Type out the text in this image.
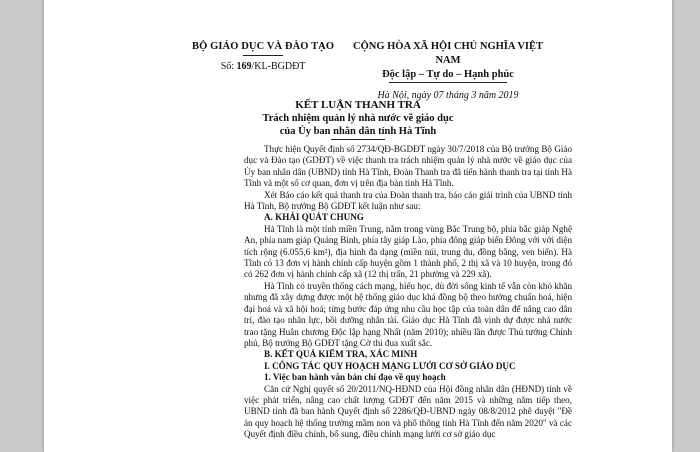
BỘ GIÁO DỤC VÀ ĐÀO TẠO
Số: 169/KL-BGDĐT
CỘNG HÒA XÃ HỘI CHỦ NGHĨA VIỆT NAM
Độc lập – Tự do – Hạnh phúc
Hà Nội, ngày 07 tháng 3 năm 2019
KẾT LUẬN THANH TRA
Trách nhiệm quản lý nhà nước về giáo dục
của Ủy ban nhân dân tỉnh Hà Tĩnh

Thực hiện Quyết định số 2734/QĐ-BGDĐT ngày 30/7/2018 của Bộ trưởng Bộ Giáo dục và Đào tạo (GDĐT) về việc thanh tra trách nhiệm quản lý nhà nước về giáo dục của Ủy ban nhân dân (UBND) tỉnh Hà Tĩnh, Đoàn Thanh tra đã tiến hành thanh tra tại tỉnh Hà Tĩnh và một số cơ quan, đơn vị trên địa bàn tỉnh Hà Tĩnh.

Xét Báo cáo kết quả thanh tra của Đoàn thanh tra, báo cáo giải trình của UBND tỉnh Hà Tĩnh, Bộ trưởng Bộ GDĐT kết luận như sau:

A. KHÁI QUÁT CHUNG

Hà Tĩnh là một tỉnh miền Trung, nằm trong vùng Bắc Trung bộ, phía bắc giáp Nghệ An, phía nam giáp Quảng Bình, phía tây giáp Lào, phía đông giáp biển Đông với với diện tích rộng (6.055,6 km²), địa hình đa dạng (miền núi, trung du, đồng bằng, ven biển). Hà Tĩnh có 13 đơn vị hành chính cấp huyện gồm 1 thành phố, 2 thị xã và 10 huyện, trong đó có 262 đơn vị hành chính cấp xã (12 thị trấn, 21 phường và 229 xã).

Hà Tĩnh có truyền thống cách mạng, hiếu học, dù đời sống kinh tế vẫn còn khó khăn nhưng đã xây dựng được một hệ thống giáo dục khá đồng bộ theo hướng chuẩn hoá, hiện đại hoá và xã hội hoá; từng bước đáp ứng nhu cầu học tập của toàn dân để nâng cao dân trí, đào tạo nhân lực, bồi dưỡng nhân tài. Giáo dục Hà Tĩnh đã vinh dự được nhà nước trao tặng Huân chương Độc lập hạng Nhất (năm 2010); nhiều lần được Thủ tướng Chính phủ, Bộ trưởng Bộ GDĐT tặng Cờ thi đua xuất sắc.

B. KẾT QUẢ KIỂM TRA, XÁC MINH

I. CÔNG TÁC QUY HOẠCH MẠNG LƯỚI CƠ SỞ GIÁO DỤC

1. Việc ban hành văn bản chỉ đạo về quy hoạch

Căn cứ Nghị quyết số 20/2011/NQ-HĐND của Hội đồng nhân dân (HĐND) tỉnh về việc phát triển, nâng cao chất lượng GDĐT đến năm 2015 và những năm tiếp theo, UBND tỉnh đã ban hành Quyết định số 2286/QĐ-UBND ngày 08/8/2012 phê duyệt "Đề án quy hoạch hệ thống trường mầm non và phổ thông tỉnh Hà Tĩnh đến năm 2020" và các Quyết định điều chỉnh, bổ sung, điều chỉnh mạng lưới cơ sở giáo dục
